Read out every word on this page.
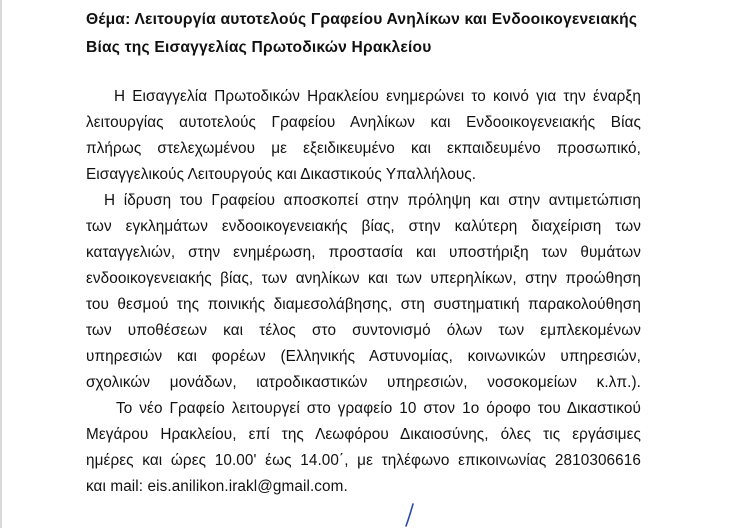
Θέμα: Λειτουργία αυτοτελούς Γραφείου Ανηλίκων και Ενδοοικογενειακής
Βίας της Εισαγγελίας Πρωτοδικών Ηρακλείου
Η Εισαγγελία Πρωτοδικών Ηρακλείου ενημερώνει το κοινό για την έναρξη
λειτουργίας αυτοτελούς Γραφείου Ανηλίκων και Ενδοοικογενειακής Βίας
πλήρως στελεχωμένου με εξειδικευμένο και εκπαιδευμένο προσωπικό,
Εισαγγελικούς Λειτουργούς και Δικαστικούς Υπαλλήλους.
Η ίδρυση του Γραφείου αποσκοπεί στην πρόληψη και στην αντιμετώπιση
των εγκλημάτων ενδοοικογενειακής βίας, στην καλύτερη διαχείριση των
καταγγελιών, στην ενημέρωση, προστασία και υποστήριξη των θυμάτων
ενδοοικογενειακής βίας, των ανηλίκων και των υπερηλίκων, στην προώθηση
του θεσμού της ποινικής διαμεσολάβησης, στη συστηματική παρακολούθηση
των υποθέσεων και τέλος στο συντονισμό όλων των εμπλεκομένων
υπηρεσιών και φορέων (Ελληνικής Αστυνομίας, κοινωνικών υπηρεσιών,
σχολικών μονάδων, ιατροδικαστικών υπηρεσιών, νοσοκομείων κ.λπ.).
Το νέο Γραφείο λειτουργεί στο γραφείο 10 στον 1ο όροφο του Δικαστικού
Μεγάρου Ηρακλείου, επί της Λεωφόρου Δικαιοσύνης, όλες τις εργάσιμες
ημέρες και ώρες 10.00' έως 14.00΄, με τηλέφωνο επικοινωνίας 2810306616
και mail: eis.anilikon.irakl@gmail.com.
